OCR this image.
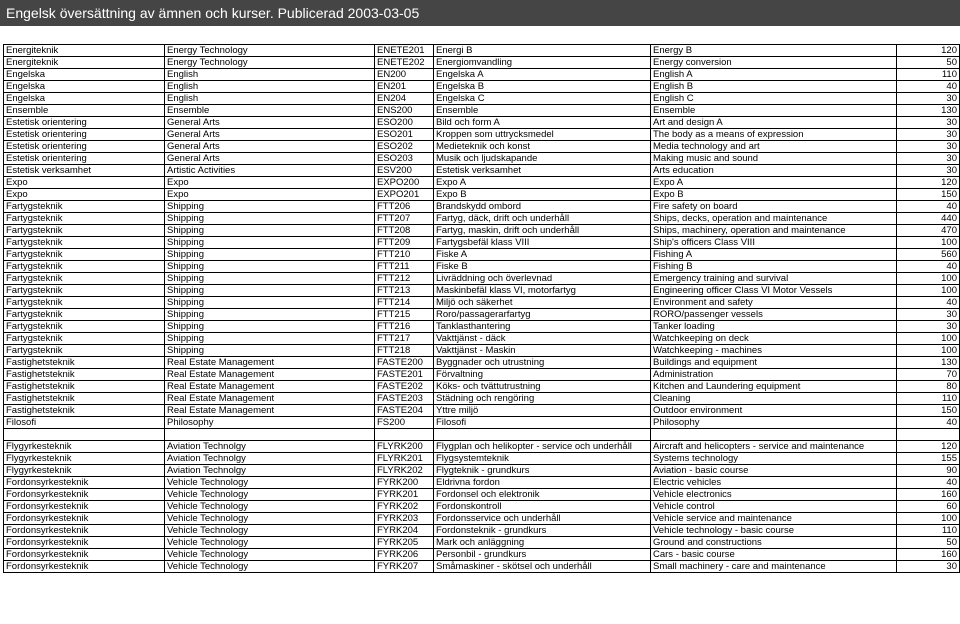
Engelsk översättning av ämnen och kurser. Publicerad 2003-03-05
Energiteknik	Energy Technology	ENETE201	Energi B	Energy B	120
Energiteknik	Energy Technology	ENETE202	Energiomvandling	Energy conversion	50
Engelska	English	EN200	Engelska A	English A	110
Engelska	English	EN201	Engelska B	English B	40
Engelska	English	EN204	Engelska C	English C	30
Ensemble	Ensemble	ENS200	Ensemble	Ensemble	130
Estetisk orientering	General Arts	ESO200	Bild och form A	Art and design A	30
Estetisk orientering	General Arts	ESO201	Kroppen som uttrycksmedel	The body as a means of expression	30
Estetisk orientering	General Arts	ESO202	Medieteknik och konst	Media technology and art	30
Estetisk orientering	General Arts	ESO203	Musik och ljudskapande	Making music and sound	30
Estetisk verksamhet	Artistic Activities	ESV200	Estetisk verksamhet	Arts education	30
Expo	Expo	EXPO200	Expo A	Expo A	120
Expo	Expo	EXPO201	Expo B	Expo B	150
Fartygsteknik	Shipping	FTT206	Brandskydd ombord	Fire safety on board	40
Fartygsteknik	Shipping	FTT207	Fartyg, däck, drift och underhåll	Ships, decks, operation and maintenance	440
Fartygsteknik	Shipping	FTT208	Fartyg, maskin, drift och underhåll	Ships, machinery, operation and maintenance	470
Fartygsteknik	Shipping	FTT209	Fartygsbefäl klass VIII	Ship's officers Class VIII	100
Fartygsteknik	Shipping	FTT210	Fiske A	Fishing A	560
Fartygsteknik	Shipping	FTT211	Fiske B	Fishing B	40
Fartygsteknik	Shipping	FTT212	Livräddning och överlevnad	Emergency training and survival	100
Fartygsteknik	Shipping	FTT213	Maskinbefäl klass VI, motorfartyg	Engineering officer Class VI Motor Vessels	100
Fartygsteknik	Shipping	FTT214	Miljö och säkerhet	Environment and safety	40
Fartygsteknik	Shipping	FTT215	Roro/passagerarfartyg	RORO/passenger vessels	30
Fartygsteknik	Shipping	FTT216	Tanklasthantering	Tanker loading	30
Fartygsteknik	Shipping	FTT217	Vakttjänst - däck	Watchkeeping on deck	100
Fartygsteknik	Shipping	FTT218	Vakttjänst - Maskin	Watchkeeping - machines	100
Fastighetsteknik	Real Estate Management	FASTE200	Byggnader och utrustning	Buildings and equipment	130
Fastighetsteknik	Real Estate Management	FASTE201	Förvaltning	Administration	70
Fastighetsteknik	Real Estate Management	FASTE202	Köks- och tvättutrustning	Kitchen and Laundering equipment	80
Fastighetsteknik	Real Estate Management	FASTE203	Städning och rengöring	Cleaning	110
Fastighetsteknik	Real Estate Management	FASTE204	Yttre miljö	Outdoor environment	150
Filosofi	Philosophy	FS200	Filosofi	Philosophy	40

Flygyrkesteknik	Aviation Technolgy	FLYRK200	Flygplan och helikopter - service och underhåll	Aircraft and helicopters - service and maintenance	120
Flygyrkesteknik	Aviation Technolgy	FLYRK201	Flygsystemteknik	Systems technology	155
Flygyrkesteknik	Aviation Technolgy	FLYRK202	Flygteknik - grundkurs	Aviation - basic course	90
Fordonsyrkesteknik	Vehicle Technology	FYRK200	Eldrivna fordon	Electric vehicles	40
Fordonsyrkesteknik	Vehicle Technology	FYRK201	Fordonsel och elektronik	Vehicle electronics	160
Fordonsyrkesteknik	Vehicle Technology	FYRK202	Fordonskontroll	Vehicle control	60
Fordonsyrkesteknik	Vehicle Technology	FYRK203	Fordonsservice och underhåll	Vehicle service and maintenance	100
Fordonsyrkesteknik	Vehicle Technology	FYRK204	Fordonsteknik - grundkurs	Vehicle technology - basic course	110
Fordonsyrkesteknik	Vehicle Technology	FYRK205	Mark och anläggning	Ground and constructions	50
Fordonsyrkesteknik	Vehicle Technology	FYRK206	Personbil - grundkurs	Cars - basic course	160
Fordonsyrkesteknik	Vehicle Technology	FYRK207	Småmaskiner - skötsel och underhåll	Small machinery - care and maintenance	30
